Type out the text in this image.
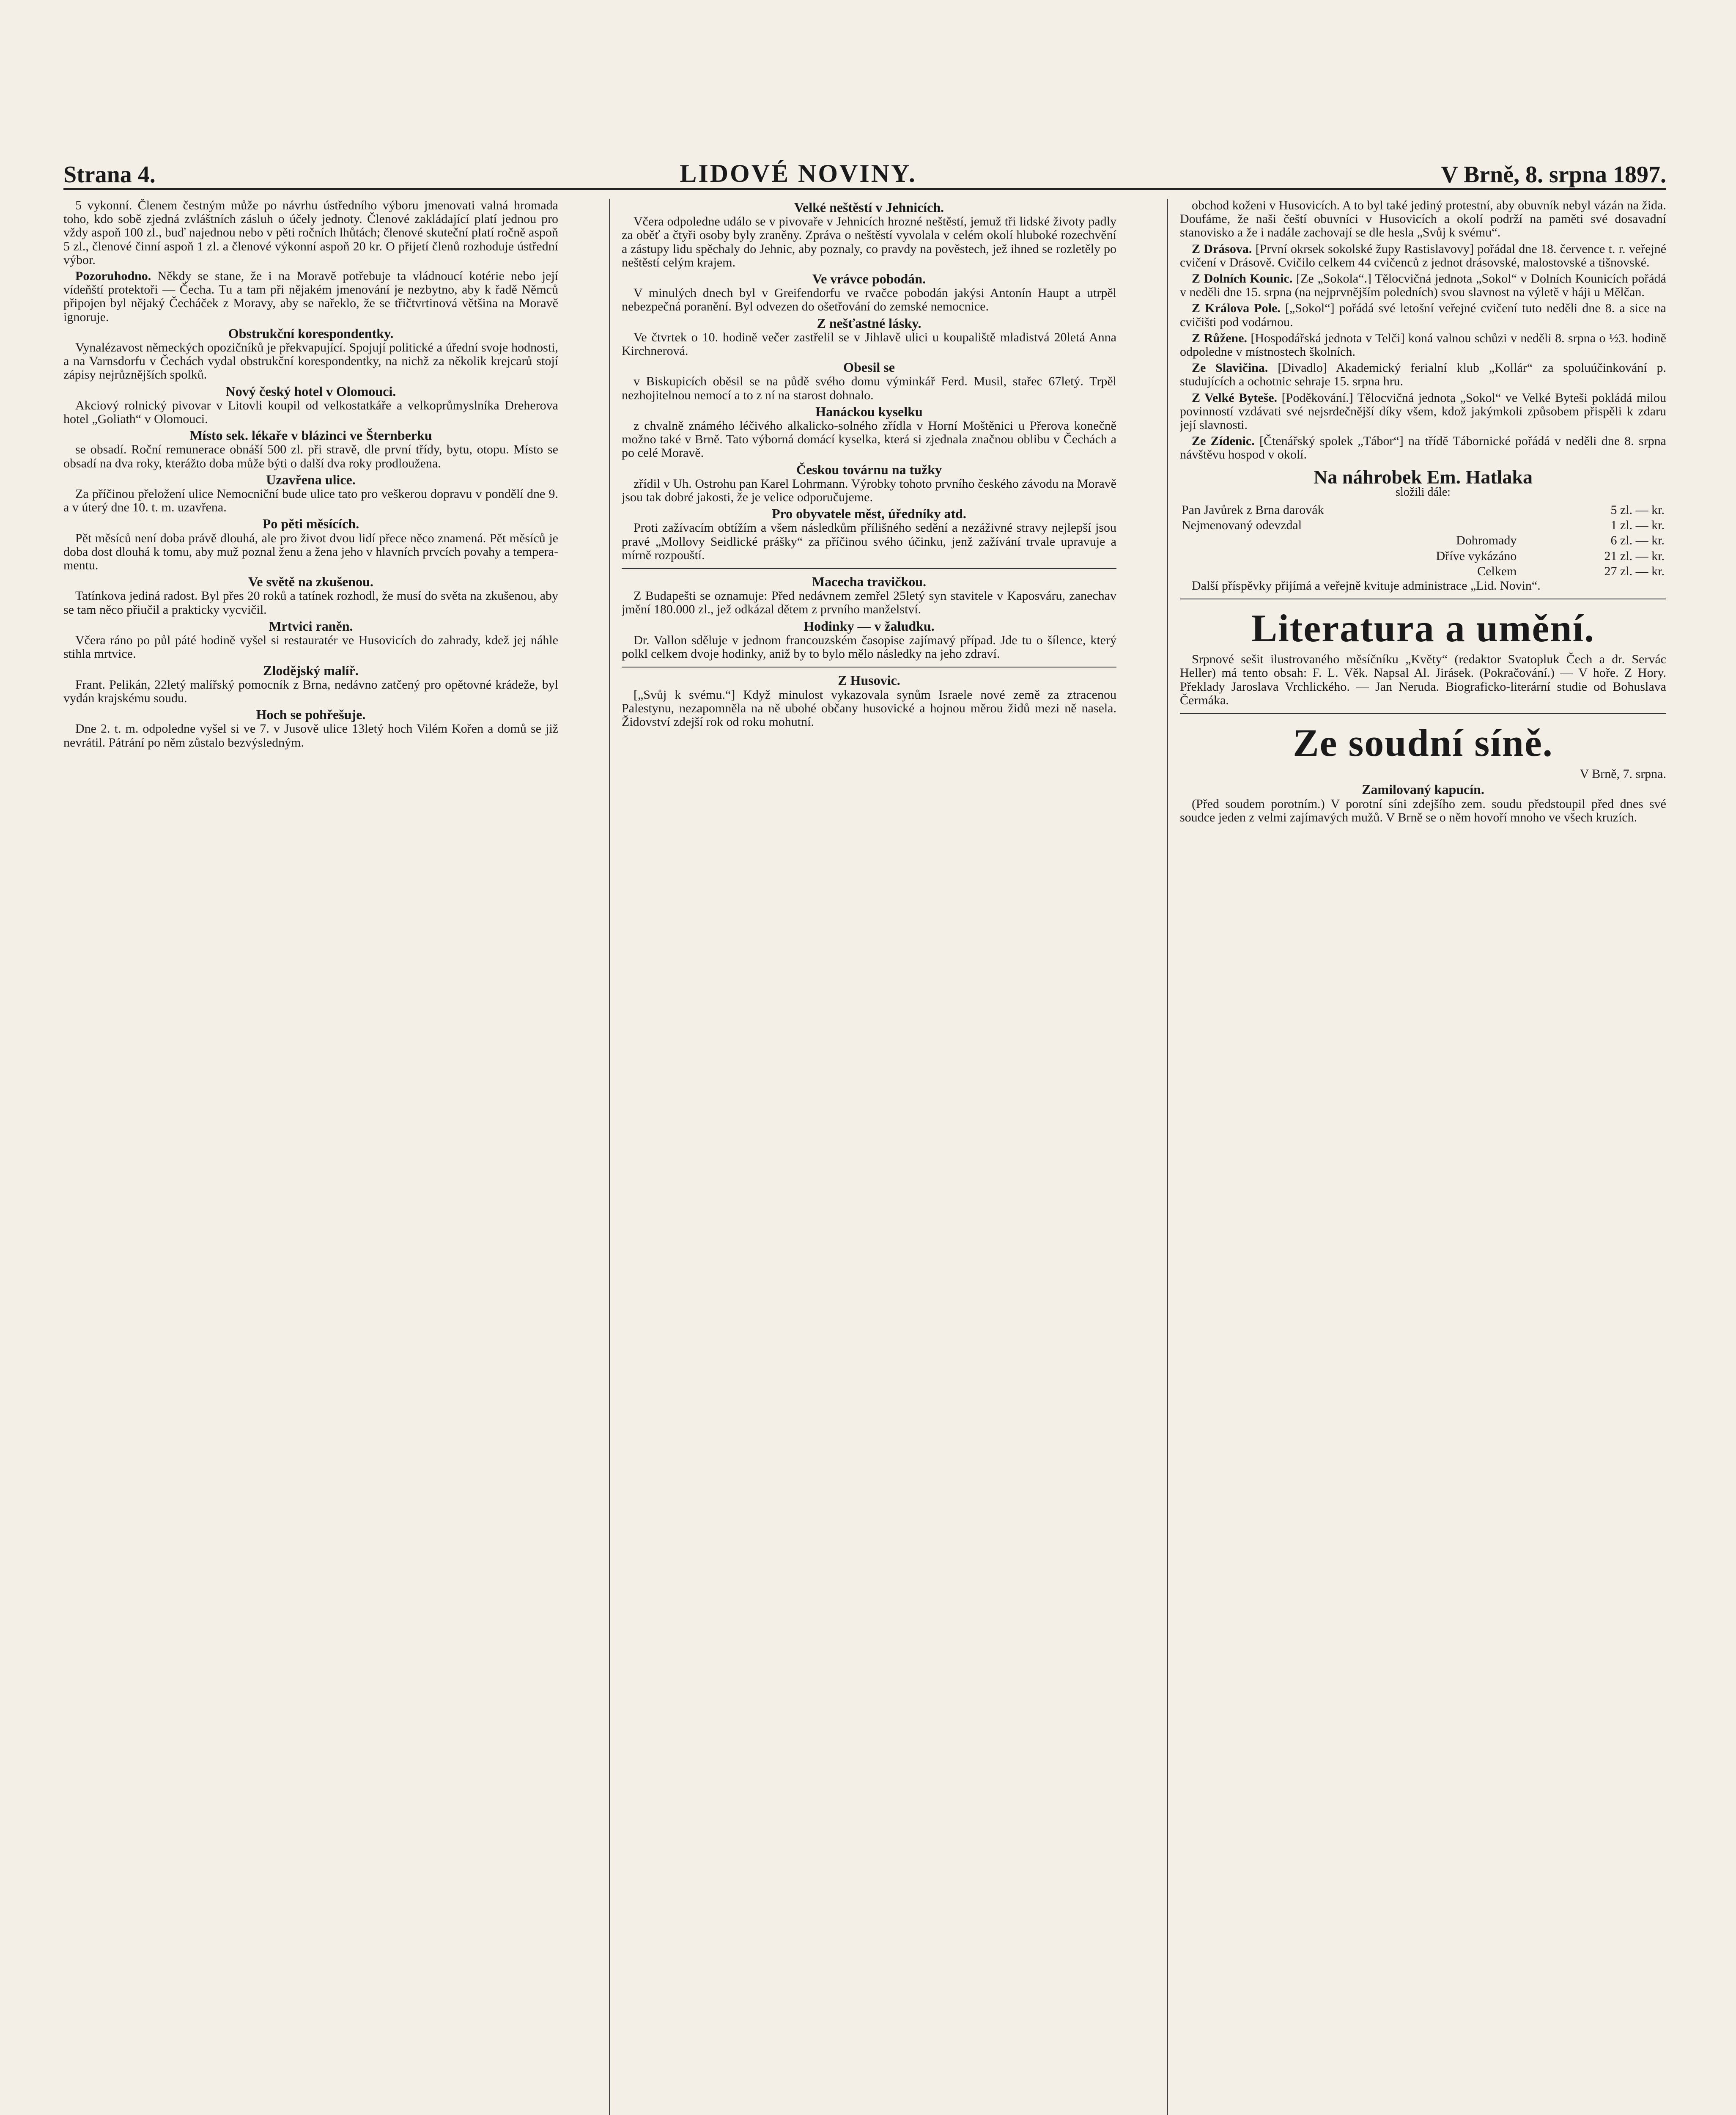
Strana 4.	LIDOVÉ NOVINY.	V Brně, 8. srpna 1897.

5 vykonní. Členem čestným může po návrhu ústředního výboru jmenovati valná hromada toho, kdo sobě zjedná zvláštních zásluh o účely jednoty. Členové zakládající platí jednou pro vždy aspoň 100 zl., buď najednou nebo v pěti ročních lhůtách; členové skuteční platí ročně aspoň 5 zl., členové činní aspoň 1 zl. a členové výkonní aspoň 20 kr. O přijetí členů rozhoduje ústřední výbor.

Pozoruhodno. Někdy se stane, že i na Moravě potřebuje ta vládnoucí kotérie nebo její vídeňští protektoři — Čecha. Tu a tam při nějakém jmenování je nezbytno, aby k řadě Němců připojen byl nějaký Čecháček z Moravy, aby se nařeklo, že se třičtvrtinová většina na Moravě ignoruje.

Obstrukční korespondentky.

Vynalézavost německých opozičníků je překvapující. Spojují politické a úřední svoje hodnosti, a na Varnsdorfu v Čechách vydal obstrukční korespondentky, na nichž za několik krejcarů stojí zápisy nejrůznějších spolků.

Nový český hotel v Olomouci.

Akciový rolnický pivovar v Litovli koupil od velkostatkáře a velkoprůmyslníka Dreherova hotel „Goliath“ v Olomouci.

Místo sek. lékaře v blázinci ve Šternberku

se obsadí. Roční remunerace obnáší 500 zl. při stravě, dle první třídy, bytu, otopu. Místo se obsadí na dva roky, kterážto doba může býti o další dva roky prodloužena.

Uzavřena ulice.

Za příčinou přeložení ulice Nemocniční bude ulice tato pro veškerou dopravu v pondělí dne 9. a v úterý dne 10. t. m. uzavřena.

Po pěti měsících.

Pět měsíců není doba právě dlouhá, ale pro život dvou lidí přece něco znamená. Pět měsíců je doba dost dlouhá k tomu, aby muž poznal ženu a žena jeho v hlavních prvcích povahy a temperamentu.

Ve světě na zkušenou.

Tatínkova jediná radost. Byl přes 20 roků a tatínek rozhodl, že musí do světa na zkušenou, aby se tam něco přiučil a prakticky vycvičil.

Mrtvici raněn.

Včera ráno po půl páté hodině vyšel si restauratér ve Husovicích do zahrady, kdež jej náhle stihla mrtvice.

Zlodějský malíř.

Frant. Pelikán, 22letý malířský pomocník z Brna, nedávno zatčený pro opětovné krádeže, byl vydán krajskému soudu.

Hoch se pohřešuje.

Dne 2. t. m. odpoledne vyšel si ve 7. v Jusově ulice 13letý hoch Vilém Kořen a domů se již nevrátil. Pátrání po něm zůstalo bezvýsledným.

Velké neštěstí v Jehnicích.

Včera odpoledne událo se v pivovaře v Jehnicích hrozné neštěstí, jemuž tři lidské životy padly za oběť a čtyři osoby byly zraněny. Zpráva o neštěstí vyvolala v celém okolí hluboké rozechvění a zástupy lidu spěchaly do Jehnic, aby poznaly, co pravdy na pověstech, jež ihned se rozletěly po neštěstí celým krajem.

Ve vrávce pobodán.

V minulých dnech byl v Greifendorfu ve rvačce pobodán jakýsi Antonín Haupt a utrpěl nebezpečná poranění. Byl odvezen do ošetřování do zemské nemocnice.

Z nešťastné lásky.

Ve čtvrtek o 10. hodině večer zastřelil se v Jihlavě ulici u koupaliště mladistvá 20letá Anna Kirchnerová.

Obesil se

v Biskupicích oběsil se na půdě svého domu výminkář Ferd. Musil, stařec 67letý. Trpěl nezhojitelnou nemocí a to z ní na starost dohnalo.

Hanáckou kyselku

z chvalně známého léčivého alkalicko-solného zřídla v Horní Moštěnici u Přerova konečně možno také v Brně. Tato výborná domácí kyselka, která si zjednala značnou oblibu v Čechách a po celé Moravě.

Českou továrnu na tužky

zřídil v Uh. Ostrohu pan Karel Lohrmann. Výrobky tohoto prvního českého závodu na Moravě jsou tak dobré jakosti, že je velice odporučujeme.

Pro obyvatele měst, úředníky atd.

Proti zažívacím obtížím a všem následkům přílišného sedění a nezáživné stravy nejlepší jsou pravé „Mollovy Seidlické prášky“ za příčinou svého účinku, jenž zažívání trvale upravuje a mírně rozpouští.

Macecha travičkou.

Z Budapešti se oznamuje: Před nedávnem zemřel 25letý syn stavitele v Kaposváru, zanechav jmění 180.000 zl., jež odkázal dětem z prvního manželství.

Hodinky — v žaludku.

Dr. Vallon sděluje v jednom francouzském časopise zajímavý případ. Jde tu o šílence, který polkl celkem dvoje hodinky, aniž by to bylo mělo následky na jeho zdraví.

Z Husovic.

[„Svůj k svému.“] Když minulost vykazovala synům Israele nové země za ztracenou Palestynu, nezapomněla na ně ubohé občany husovické a hojnou měrou židů mezi ně nasela. Židovství zdejší rok od roku mohutní.

obchod koženi v Husovicích. A to byl také jediný protestní, aby obuvník nebyl vázán na žida. Doufáme, že naši čeští obuvníci v Husovicích a okolí podrží na paměti své dosavadní stanovisko a že i nadále zachovají se dle hesla „Svůj k svému“.

Z Drásova. [První okrsek sokolské župy Rastislavovy] pořádal dne 18. července t. r. veřejné cvičení v Drásově. Cvičilo celkem 44 cvičenců z jednot drásovské, malostovské a tišnovské.

Z Dolních Kounic. [Ze „Sokola“.] Tělocvičná jednota „Sokol“ v Dolních Kounicích pořádá v neděli dne 15. srpna (na nejprvnějším poledních) svou slavnost na výletě v háji u Mělčan.

Z Králova Pole. [„Sokol“] pořádá své letošní veřejné cvičení tuto neděli dne 8. a sice na cvičišti pod vodárnou.

Z Růžene. [Hospodářská jednota v Telči] koná valnou schůzi v neděli 8. srpna o ½3. hodině odpoledne v místnostech školních.

Ze Slavičina. [Divadlo] Akademický ferialní klub „Kollár“ za spoluúčinkování p. studujících a ochotnic sehraje 15. srpna hru.

Z Velké Byteše. [Poděkování.] Tělocvičná jednota „Sokol“ ve Velké Byteši pokládá milou povinností vzdávati své nejsrdečnější díky všem, kdož jakýmkoli způsobem přispěli k zdaru její slavnosti.

Ze Zídenic. [Čtenářský spolek „Tábor“] na třídě Tábornické pořádá v neděli dne 8. srpna návštěvu hospod v okolí.

Na náhrobek Em. Hatlaka
složili dále:
Pan Javůrek z Brna darovák	5 zl. — kr.
Nejmenovaný odevzdal	1 zl. — kr.
Dohromady	6 zl. — kr.
Dříve vykázáno	21 zl. — kr.
Celkem	27 zl. — kr.

Další příspěvky přijímá a veřejně kvituje administrace „Lid. Novin“.

Literatura a umění.

Srpnové sešit ilustrovaného měsíčníku „Květy“ (redaktor Svatopluk Čech a dr. Servác Heller) má tento obsah: F. L. Věk. Napsal Al. Jirásek. (Pokračování.) — V hoře. Z Hory. Překlady Jaroslava Vrchlického. — Jan Neruda. Biograficko-literární studie od Bohuslava Čermáka.

Ze soudní síně.
V Brně, 7. srpna.
Zamilovaný kapucín.

(Před soudem porotním.) V porotní síni zdejšího zem. soudu předstoupil před dnes své soudce jeden z velmi zajímavých mužů. V Brně se o něm hovoří mnoho ve všech kruzích.
